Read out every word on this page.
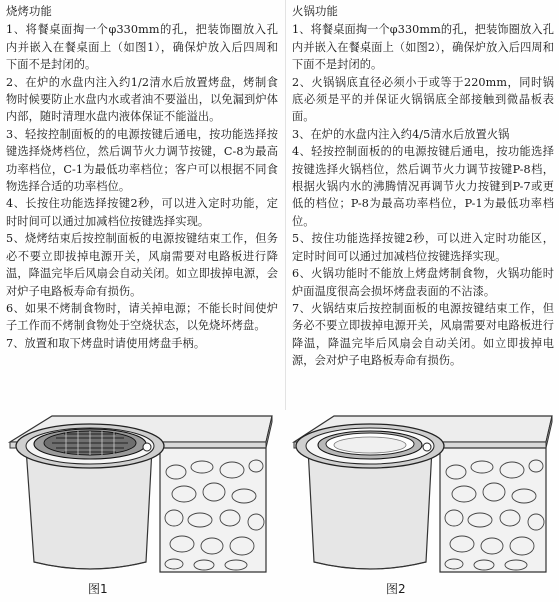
烧烤功能

1、将餐桌面掏一个φ330mm的孔，把装饰圈放入孔内并嵌入在餐桌面上（如图1），确保炉放入后四周和下面不是封闭的。

2、在炉的水盘内注入约1/2清水后放置烤盘，烤制食物时候要防止水盘内水或者油不要溢出，以免漏到炉体内部，随时清理水盘内液体保证不能溢出。

3、轻按控制面板的的电源按键后通电，按功能选择按键选择烧烤档位，然后调节火力调节按键，C-8为最高功率档位，C-1为最低功率档位；客户可以根据不同食物选择合适的功率档位。

4、长按住功能选择按键2秒，可以进入定时功能，定时时间可以通过加减档位按键选择实现。

5、烧烤结束后按控制面板的电源按键结束工作，但务必不要立即拔掉电源开关，风扇需要对电路板进行降温，降温完毕后风扇会自动关闭。如立即拔掉电源，会对炉子电路板寿命有损伤。

6、如果不烤制食物时，请关掉电源；不能长时间使炉子工作而不烤制食物处于空烧状态，以免烧坏烤盘。

7、放置和取下烤盘时请使用烤盘手柄。

火锅功能

1、将餐桌面掏一个φ330mm的孔，把装饰圈放入孔内并嵌入在餐桌面上（如图2），确保炉放入后四周和下面不是封闭的。

2、火锅锅底直径必须小于或等于220mm，同时锅底必须是平的并保证火锅锅底全部接触到微晶板表面。

3、在炉的水盘内注入约4/5清水后放置火锅

4、轻按控制面板的的电源按键后通电，按功能选择按键选择火锅档位，然后调节火力调节按键P-8档，根据火锅内水的沸腾情况再调节火力按键到P-7或更低的档位；P-8为最高功率档位，P-1为最低功率档位。

5、按住功能选择按键2秒，可以进入定时功能区，定时时间可以通过加减档位按键选择实现。

6、火锅功能时不能放上烤盘烤制食物，火锅功能时炉面温度很高会损坏烤盘表面的不沾漆。

7、火锅结束后按控制面板的电源按键结束工作，但务必不要立即拔掉电源开关，风扇需要对电路板进行降温，降温完毕后风扇会自动关闭。如立即拔掉电源，会对炉子电路板寿命有损伤。

图1	图2
